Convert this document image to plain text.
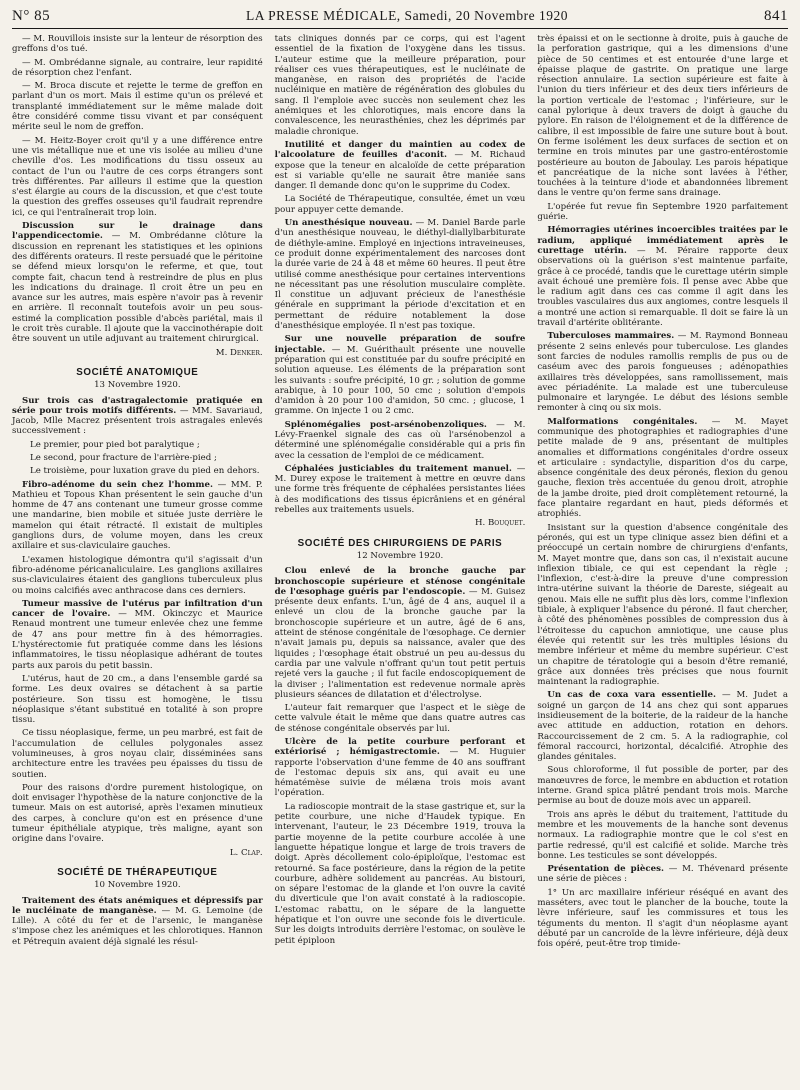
N° 85	LA PRESSE MÉDICALE, Samedi, 20 Novembre 1920	841

— M. Rouvillois insiste sur la lenteur de résorption des greffons d'os tué.

— M. Ombrédanne signale, au contraire, leur rapidité de résorption chez l'enfant.

— M. Broca discute et rejette le terme de greffon en parlant d'un os mort. Mais il estime qu'un os prélevé et transplanté immédiatement sur le même malade doit être considéré comme tissu vivant et par conséquent mérite seul le nom de greffon.

— M. Heitz-Boyer croit qu'il y a une différence entre une vis métallique nue et une vis isolée au milieu d'une cheville d'os. Les modifications du tissu osseux au contact de l'un ou l'autre de ces corps étrangers sont très différentes. Par ailleurs il estime que la question s'est élargie au cours de la discussion, et que c'est toute la question des greffes osseuses qu'il faudrait reprendre ici, ce qui l'entraînerait trop loin.

Discussion sur le drainage dans l'appendicectomie. — M. Ombrédanne clôture la discussion en reprenant les statistiques et les opinions des différents orateurs. Il reste persuadé que le péritoine se défend mieux lorsqu'on le referme, et que, tout compte fait, chacun tend à restreindre de plus en plus les indications du drainage. Il croit être un peu en avance sur les autres, mais espère n'avoir pas à revenir en arrière. Il reconnaît toutefois avoir un peu sous-estimé la complication possible d'abcès pariétal, mais il le croit très curable. Il ajoute que la vaccinothérapie doit être souvent un utile adjuvant au traitement chirurgical.

M. Denker.
SOCIÉTÉ ANATOMIQUE
13 Novembre 1920.

Sur trois cas d'astragalectomie pratiquée en série pour trois motifs différents. — MM. Savariaud, Jacob, Mlle Macrez présentent trois astragales enlevés successivement :

Le premier, pour pied bot paralytique ;

Le second, pour fracture de l'arrière-pied ;

Le troisième, pour luxation grave du pied en dehors.

Fibro-adénome du sein chez l'homme. — MM. P. Mathieu et Topous Khan présentent le sein gauche d'un homme de 47 ans contenant une tumeur grosse comme une mandarine, bien mobile et située juste derrière le mamelon qui était rétracté. Il existait de multiples ganglions durs, de volume moyen, dans les creux axillaire et sus-claviculaire gauches.

L'examen histologique démontra qu'il s'agissait d'un fibro-adénome péricanaliculaire. Les ganglions axillaires sus-claviculaires étaient des ganglions tuberculeux plus ou moins calcifiés avec anthracose dans ces derniers.

Tumeur massive de l'utérus par infiltration d'un cancer de l'ovaire. — MM. Okinczyc et Maurice Renaud montrent une tumeur enlevée chez une femme de 47 ans pour mettre fin à des hémorragies. L'hystérectomie fut pratiquée comme dans les lésions inflammatoires, le tissu néoplasique adhérant de toutes parts aux parois du petit bassin.

L'utérus, haut de 20 cm., a dans l'ensemble gardé sa forme. Les deux ovaires se détachent à sa partie postérieure. Son tissu est homogène, le tissu néoplasique s'étant substitué en totalité à son propre tissu.

Ce tissu néoplasique, ferme, un peu marbré, est fait de l'accumulation de cellules polygonales assez volumineuses, à gros noyau clair, disséminées sans architecture entre les travées peu épaisses du tissu de soutien.

Pour des raisons d'ordre purement histologique, on doit envisager l'hypothèse de la nature conjonctive de la tumeur. Mais on est autorisé, après l'examen minutieux des carpes, à conclure qu'on est en présence d'une tumeur épithéliale atypique, très maligne, ayant son origine dans l'ovaire.

L. Clap.
SOCIÉTÉ DE THÉRAPEUTIQUE
10 Novembre 1920.

Traitement des états anémiques et dépressifs par le nucléinate de manganèse. — M. G. Lemoine (de Lille). A côté du fer et de l'arsenic, le manganèse s'impose chez les anémiques et les chlorotiques. Hannon et Pétrequin avaient déjà signalé les résul-

tats cliniques donnés par ce corps, qui est l'agent essentiel de la fixation de l'oxygène dans les tissus. L'auteur estime que la meilleure préparation, pour réaliser ces vues thérapeutiques, est le nucléinate de manganèse, en raison des propriétés de l'acide nucléinique en matière de régénération des globules du sang. Il l'emploie avec succès non seulement chez les anémiques et les chlorotiques, mais encore dans la convalescence, les neurasthénies, chez les déprimés par maladie chronique.

Inutilité et danger du maintien au codex de l'alcoolature de feuilles d'aconit. — M. Richaud expose que la teneur en alcaloïde de cette préparation est si variable qu'elle ne saurait être maniée sans danger. Il demande donc qu'on le supprime du Codex.

La Société de Thérapeutique, consultée, émet un vœu pour appuyer cette demande.

Un anesthésique nouveau. — M. Daniel Barde parle d'un anesthésique nouveau, le diéthyl-diallylbarbiturate de diéthyle-amine. Employé en injections intraveineuses, ce produit donne expérimentalement des narcoses dont la durée varie de 24 à 48 et même 60 heures. Il peut être utilisé comme anesthésique pour certaines interventions ne nécessitant pas une résolution musculaire complète. Il constitue un adjuvant précieux de l'anesthésie générale en supprimant la période d'excitation et en permettant de réduire notablement la dose d'anesthésique employée. Il n'est pas toxique.

Sur une nouvelle préparation de soufre injectable. — M. Guérithault présente une nouvelle préparation qui est constituée par du soufre précipité en solution aqueuse. Les éléments de la préparation sont les suivants : soufre précipité, 10 gr. ; solution de gomme arabique, à 10 pour 100, 50 cmc ; solution d'empois d'amidon à 20 pour 100 d'amidon, 50 cmc. ; glucose, 1 gramme. On injecte 1 ou 2 cmc.

Splénomégalies post-arsénobenzoliques. — M. Lévy-Fraenkel signale des cas où l'arsénobenzol a déterminé une splénomégalie considérable qui a pris fin avec la cessation de l'emploi de ce médicament.

Céphalées justiciables du traitement manuel. — M. Durey expose le traitement à mettre en œuvre dans une forme très fréquente de céphalées persistantes liées à des modifications des tissus épicrâniens et en général rebelles aux traitements usuels.

H. Bouquet.
SOCIÉTÉ DES CHIRURGIENS DE PARIS
12 Novembre 1920.

Clou enlevé de la bronche gauche par bronchoscopie supérieure et sténose congénitale de l'œsophage guéris par l'endoscopie. — M. Guisez présente deux enfants. L'un, âgé de 4 ans, auquel il a enlevé un clou de la bronche gauche par la bronchoscopie supérieure et un autre, âgé de 6 ans, atteint de sténose congénitale de l'œsophage. Ce dernier n'avait jamais pu, depuis sa naissance, avaler que des liquides ; l'œsophage était obstrué un peu au-dessus du cardia par une valvule n'offrant qu'un tout petit pertuis rejeté vers la gauche ; il fut facile endoscopiquement de la diviser ; l'alimentation est redevenue normale après plusieurs séances de dilatation et d'électrolyse.

L'auteur fait remarquer que l'aspect et le siège de cette valvule était le même que dans quatre autres cas de sténose congénitale observés par lui.

Ulcère de la petite courbure perforant et extériorisé ; hémigastrectomie. — M. Huguier rapporte l'observation d'une femme de 40 ans souffrant de l'estomac depuis six ans, qui avait eu une hématémèse suivie de mélæna trois mois avant l'opération.

La radioscopie montrait de la stase gastrique et, sur la petite courbure, une niche d'Haudek typique. En intervenant, l'auteur, le 23 Décembre 1919, trouva la partie moyenne de la petite courbure accolée à une languette hépatique longue et large de trois travers de doigt. Après décollement colo-épiploïque, l'estomac est retourné. Sa face postérieure, dans la région de la petite courbure, adhère solidement au pancréas. Au bistouri, on sépare l'estomac de la glande et l'on ouvre la cavité du diverticule que l'on avait constaté à la radioscopie. L'estomac rabattu, on le sépare de la languette hépatique et l'on ouvre une seconde fois le diverticule. Sur les doigts introduits derrière l'estomac, on soulève le petit épiploon

très épaissi et on le sectionne à droite, puis à gauche de la perforation gastrique, qui a les dimensions d'une pièce de 50 centimes et est entourée d'une large et épaisse plaque de gastrite. On pratique une large résection annulaire. La section supérieure est faite à l'union du tiers inférieur et des deux tiers inférieurs de la portion verticale de l'estomac ; l'inférieure, sur le canal pylorique à deux travers de doigt à gauche du pylore. En raison de l'éloignement et de la différence de calibre, il est impossible de faire une suture bout à bout. On ferme isolément les deux surfaces de section et on termine en trois minutes par une gastro-entérostomie postérieure au bouton de Jaboulay. Les parois hépatique et pancréatique de la niche sont lavées à l'éther, touchées à la teinture d'iode et abandonnées librement dans le ventre qu'on ferme sans drainage.

L'opérée fut revue fin Septembre 1920 parfaitement guérie.

Hémorragies utérines incoercibles traitées par le radium, appliqué immédiatement après le curettage utérin. — M. Péraire rapporte deux observations où la guérison s'est maintenue parfaite, grâce à ce procédé, tandis que le curettage utérin simple avait échoué une première fois. Il pense avec Abbe que le radium agit dans ces cas comme il agit dans les troubles vasculaires dus aux angiomes, contre lesquels il a montré une action si remarquable. Il doit se faire là un travail d'artérite oblitérante.

Tuberculoses mammaires. — M. Raymond Bonneau présente 2 seins enlevés pour tuberculose. Les glandes sont farcies de nodules ramollis remplis de pus ou de caséum avec des parois fongueuses ; adénopathies axillaires très développées, sans ramollissement, mais avec périadénite. La malade est une tuberculeuse pulmonaire et laryngée. Le début des lésions semble remonter à cinq ou six mois.

Malformations congénitales. — M. Mayet communique des photographies et radiographies d'une petite malade de 9 ans, présentant de multiples anomalies et difformations congénitales d'ordre osseux et articulaire : syndactylie, disparition d'os du carpe, absence congénitale des deux péronés, flexion du genou gauche, flexion très accentuée du genou droit, atrophie de la jambe droite, pied droit complètement retourné, la face plantaire regardant en haut, pieds déformés et atrophiés.

Insistant sur la question d'absence congénitale des péronés, qui est un type clinique assez bien défini et a préoccupé un certain nombre de chirurgiens d'enfants, M. Mayet montre que, dans son cas, il n'existait aucune inflexion tibiale, ce qui est cependant la règle ; l'inflexion, c'est-à-dire la preuve d'une compression intra-utérine suivant la théorie de Dareste, siégeait au genou. Mais elle ne suffit plus dès lors, comme l'inflexion tibiale, à expliquer l'absence du péroné. Il faut chercher, à côté des phénomènes possibles de compression dus à l'étroitesse du capuchon amniotique, une cause plus élevée qui retentit sur les très multiples lésions du membre inférieur et même du membre supérieur. C'est un chapitre de tératologie qui a besoin d'être remanié, grâce aux données très précises que nous fournit maintenant la radiographie.

Un cas de coxa vara essentielle. — M. Judet a soigné un garçon de 14 ans chez qui sont apparues insidieusement de la boiterie, de la raideur de la hanche avec attitude en adduction, rotation en dehors. Raccourcissement de 2 cm. 5. A la radiographie, col fémoral raccourci, horizontal, décalcifié. Atrophie des glandes génitales.

Sous chloroforme, il fut possible de porter, par des manœuvres de force, le membre en abduction et rotation interne. Grand spica plâtré pendant trois mois. Marche permise au bout de douze mois avec un appareil.

Trois ans après le début du traitement, l'attitude du membre et les mouvements de la hanche sont devenus normaux. La radiographie montre que le col s'est en partie redressé, qu'il est calcifié et solide. Marche très bonne. Les testicules se sont développés.

Présentation de pièces. — M. Thévenard présente une série de pièces :

1° Un arc maxillaire inférieur réséqué en avant des masséters, avec tout le plancher de la bouche, toute la lèvre inférieure, sauf les commissures et tous les téguments du menton. Il s'agit d'un néoplasme ayant débuté par un cancroïde de la lèvre inférieure, déjà deux fois opéré, peut-être trop timide-
